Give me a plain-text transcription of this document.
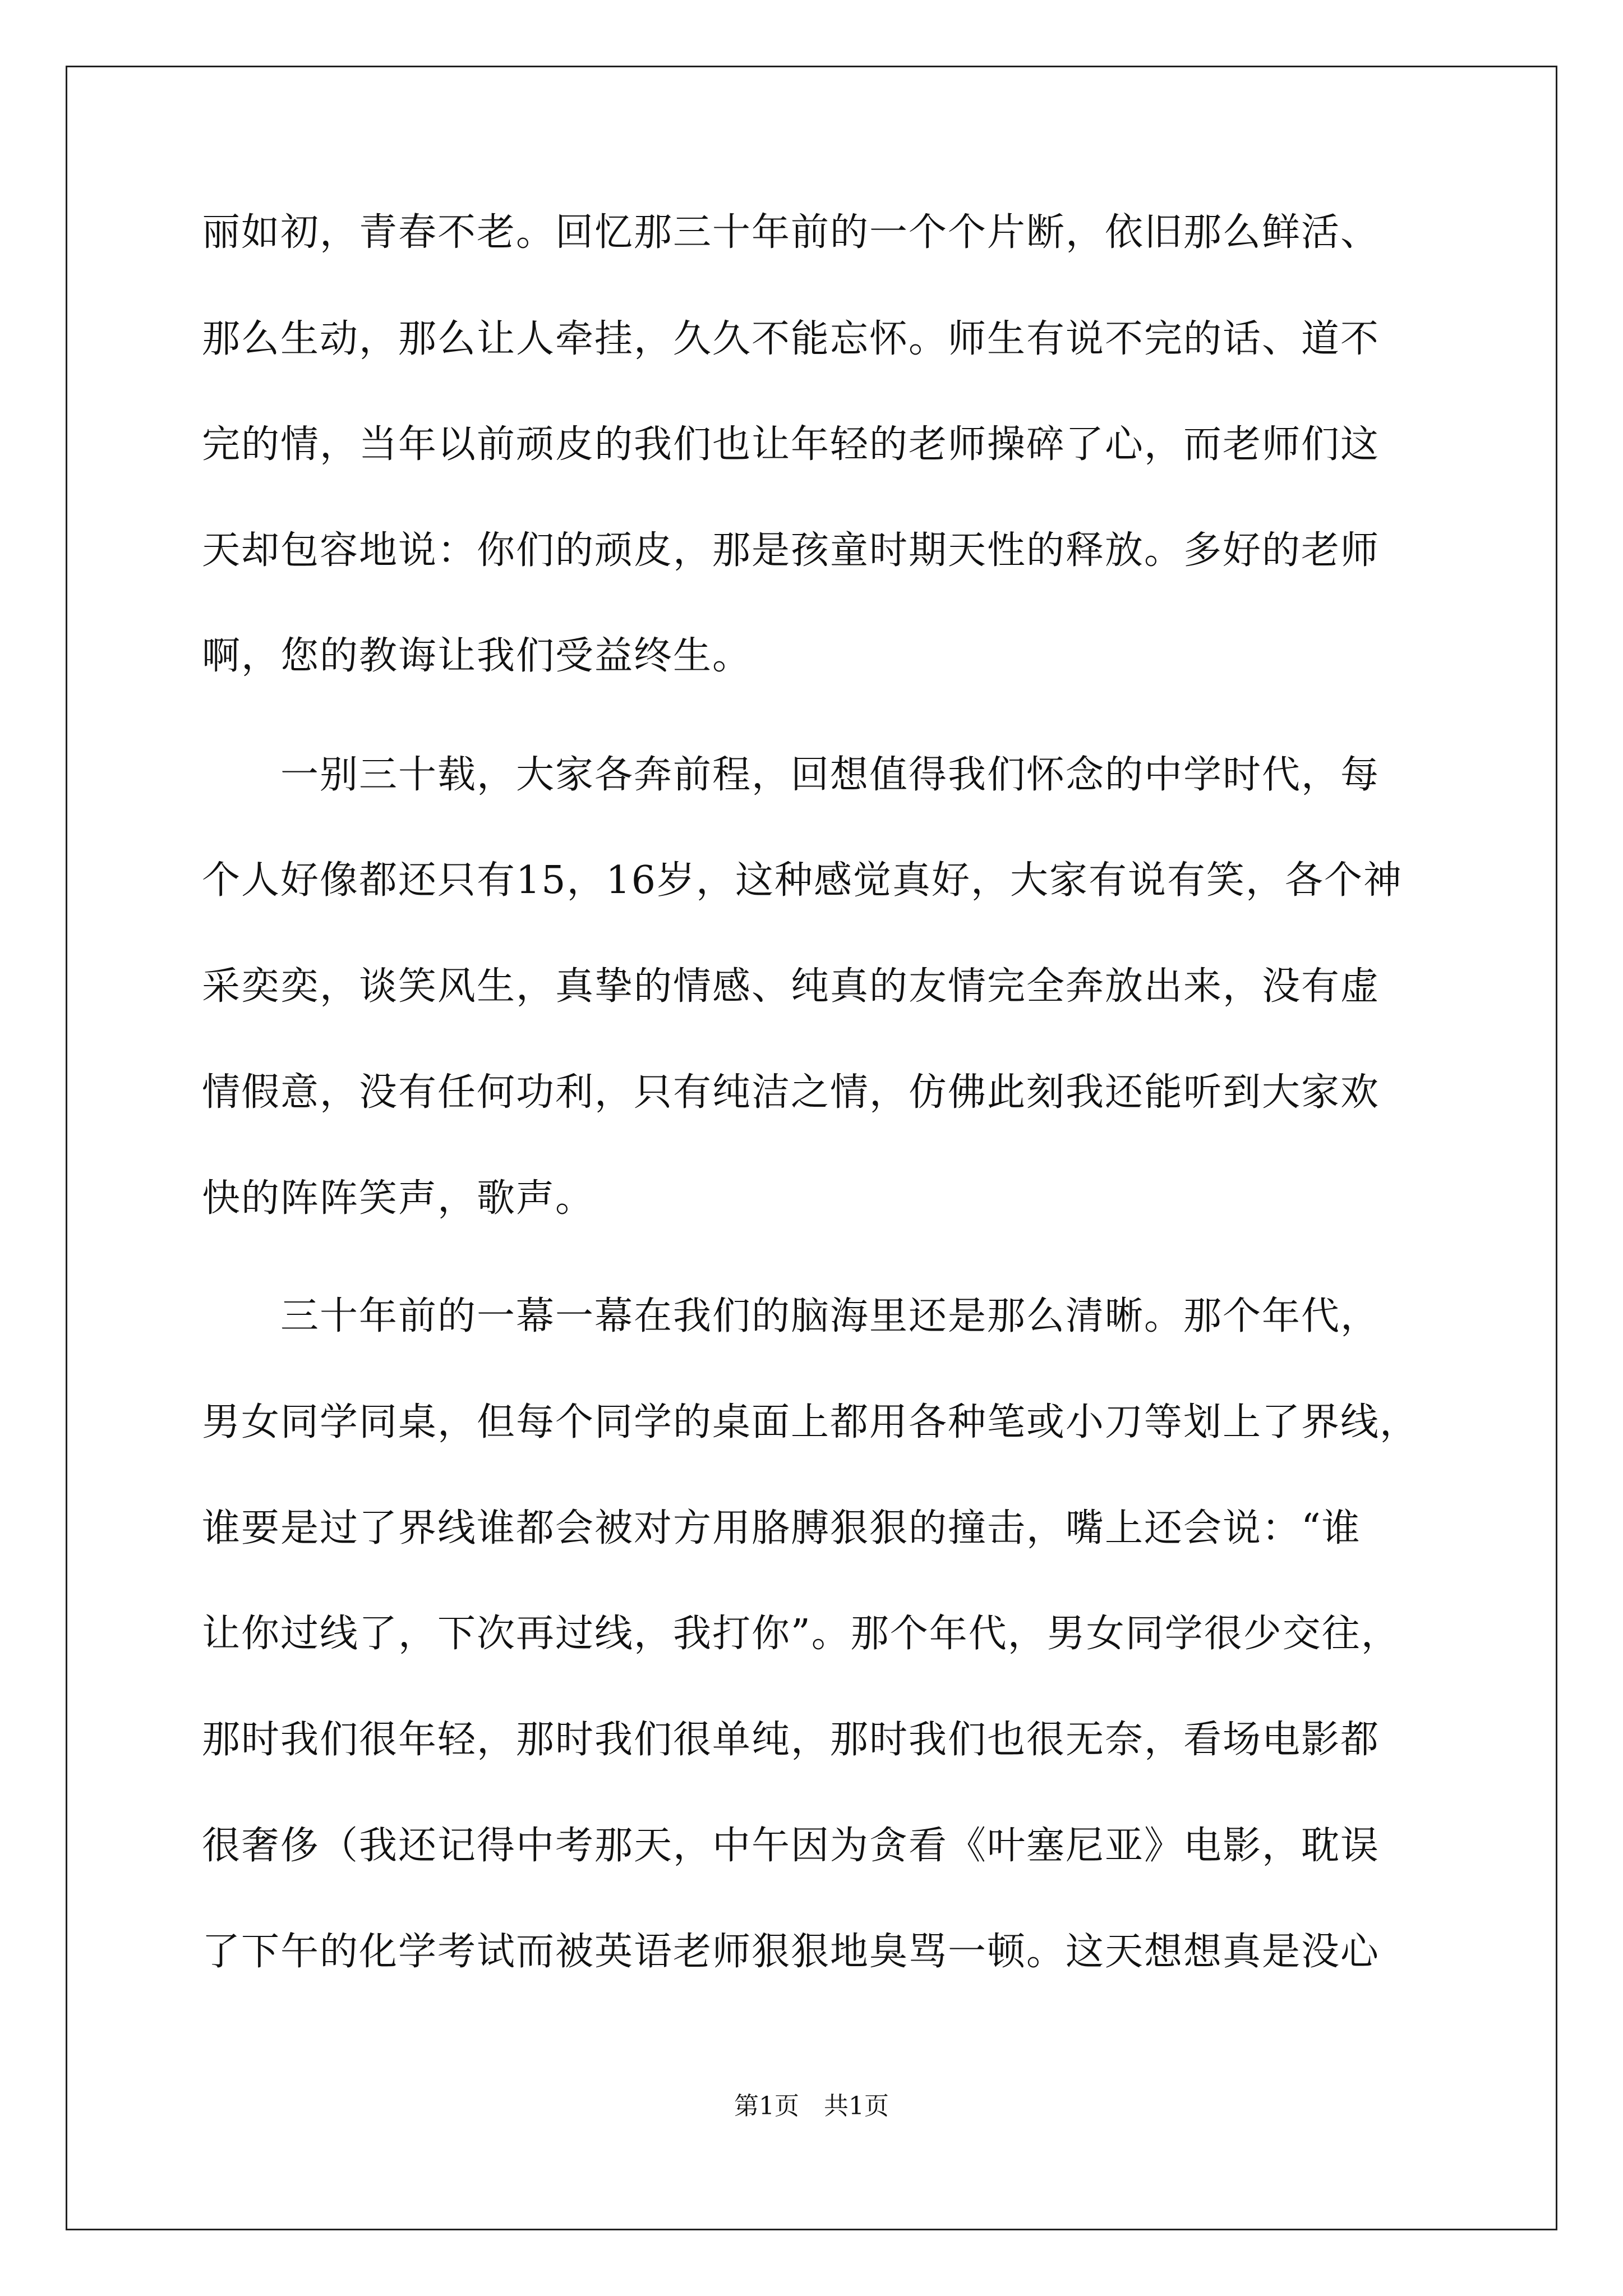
丽如初，青春不老。回忆那三十年前的一个个片断，依旧那么鲜活、
那么生动，那么让人牵挂，久久不能忘怀。师生有说不完的话、道不
完的情，当年以前顽皮的我们也让年轻的老师操碎了心，而老师们这
天却包容地说：你们的顽皮，那是孩童时期天性的释放。多好的老师
啊，您的教诲让我们受益终生。
一别三十载，大家各奔前程，回想值得我们怀念的中学时代，每
个人好像都还只有15，16岁，这种感觉真好，大家有说有笑，各个神
采奕奕，谈笑风生，真挚的情感、纯真的友情完全奔放出来，没有虚
情假意，没有任何功利，只有纯洁之情，仿佛此刻我还能听到大家欢
快的阵阵笑声，歌声。
三十年前的一幕一幕在我们的脑海里还是那么清晰。那个年代，
男女同学同桌，但每个同学的桌面上都用各种笔或小刀等划上了界线，
谁要是过了界线谁都会被对方用胳膊狠狠的撞击，嘴上还会说：“谁
让你过线了，下次再过线，我打你”。那个年代，男女同学很少交往，
那时我们很年轻，那时我们很单纯，那时我们也很无奈，看场电影都
很奢侈（我还记得中考那天，中午因为贪看《叶塞尼亚》电影，耽误
了下午的化学考试而被英语老师狠狠地臭骂一顿。这天想想真是没心
第1页　共1页
